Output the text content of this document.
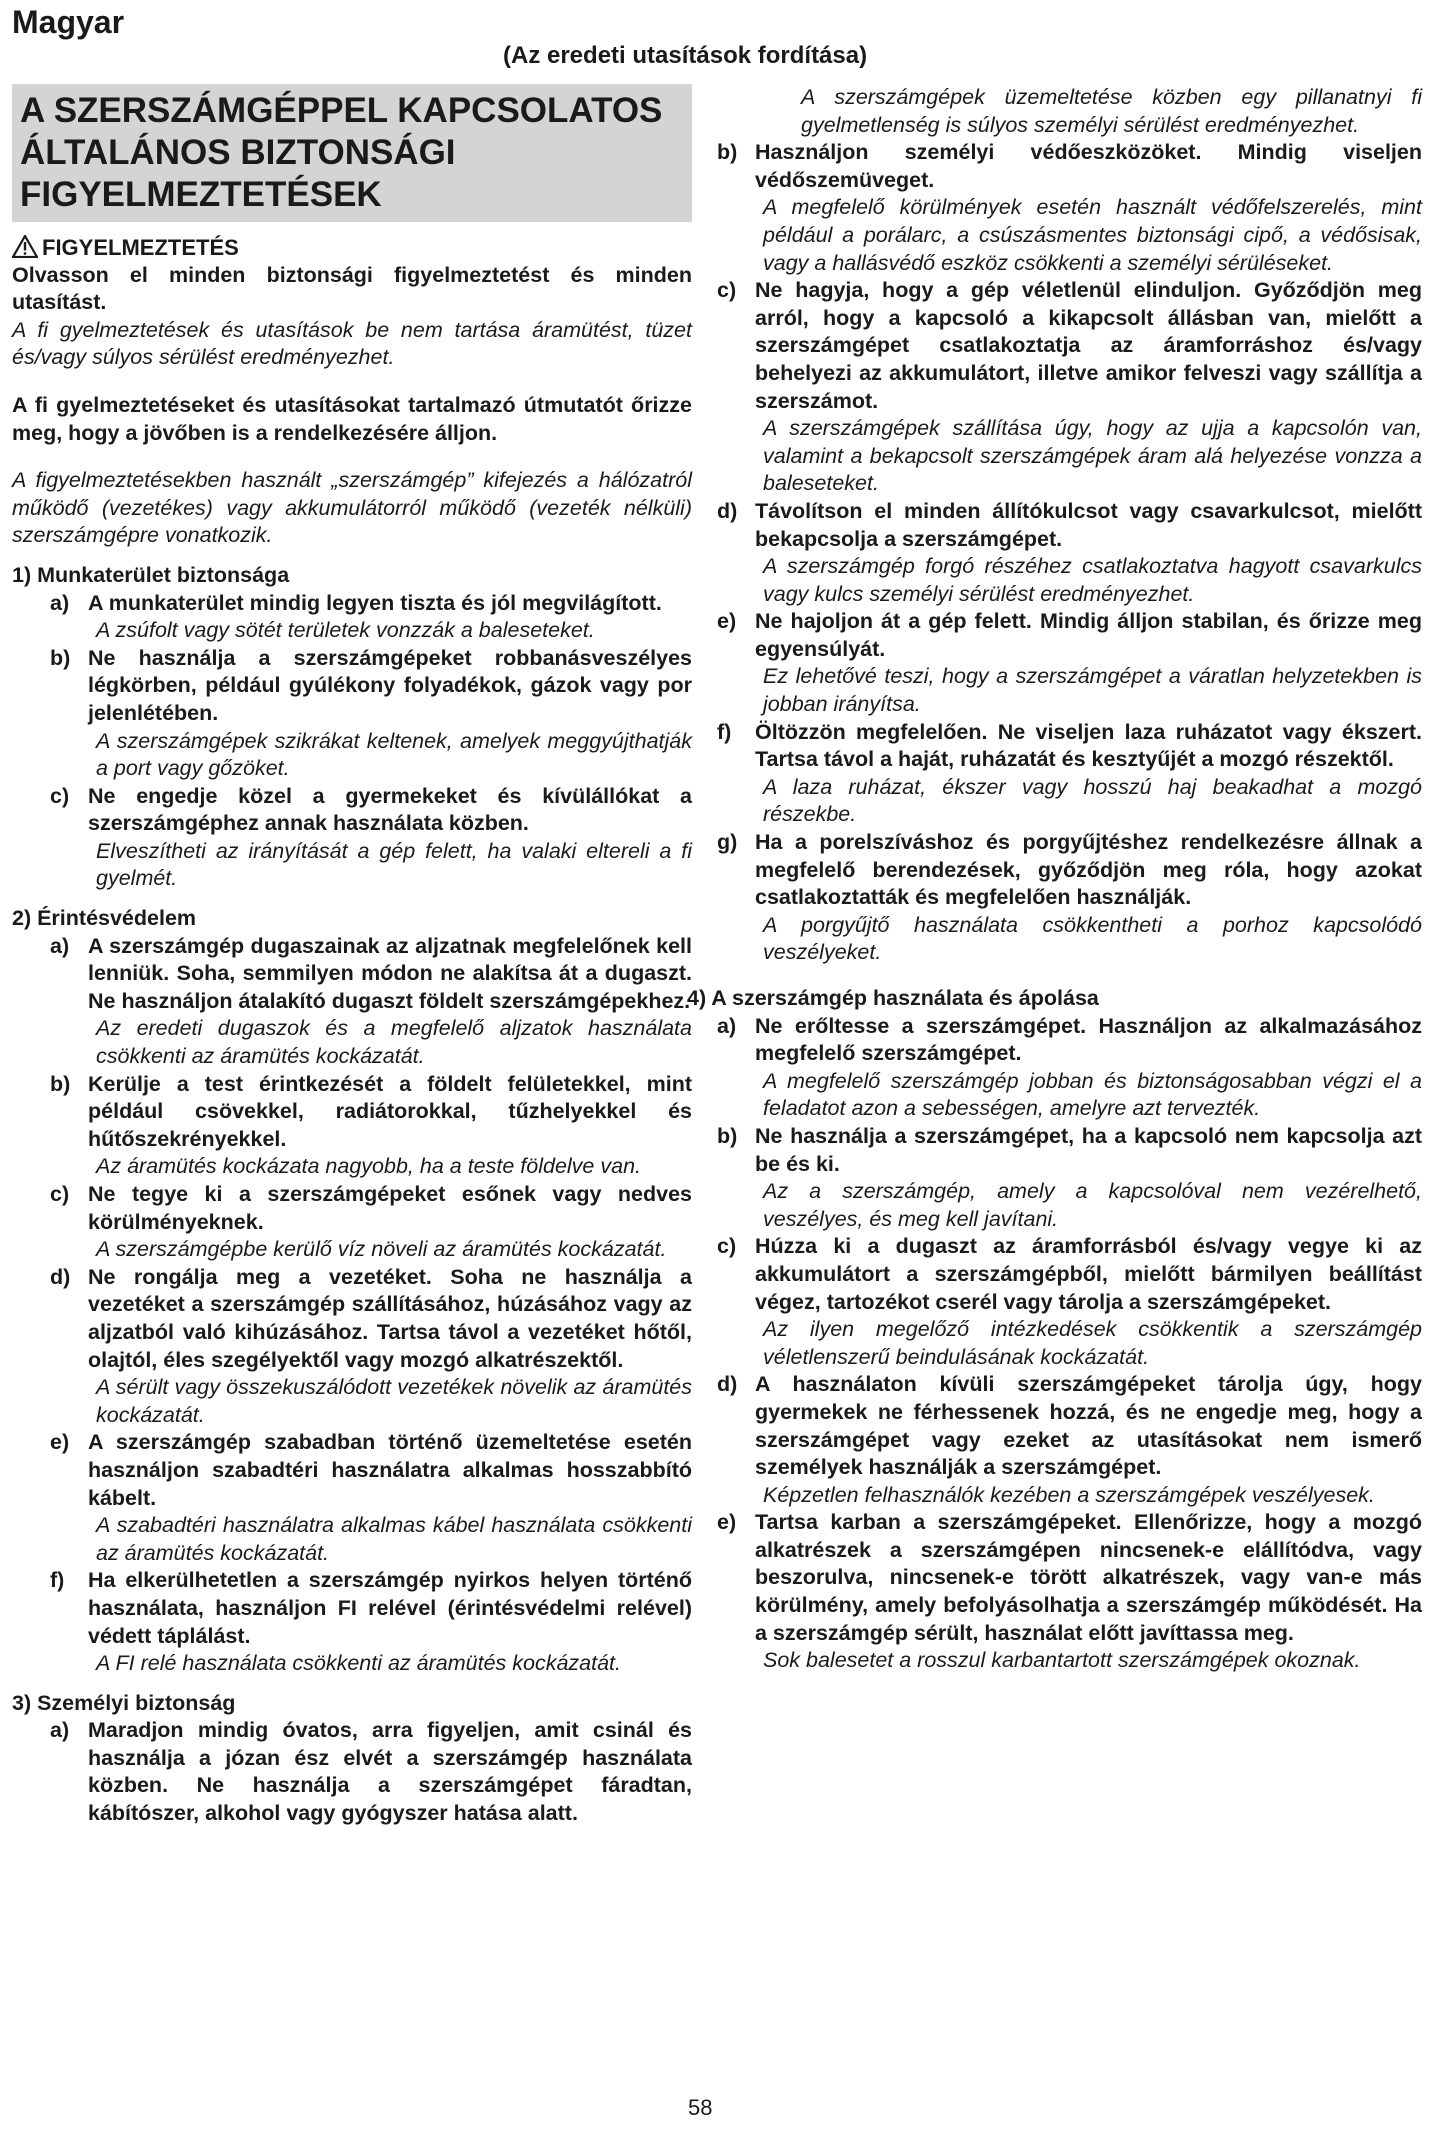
Magyar
(Az eredeti utasítások fordítása)
A SZERSZÁMGÉPPEL KAPCSOLATOS ÁLTALÁNOS BIZTONSÁGI FIGYELMEZTETÉSEK
FIGYELMEZTETÉS

Olvasson el minden biztonsági figyelmeztetést és minden utasítást.

A fi gyelmeztetések és utasítások be nem tartása áramütést, tüzet és/vagy súlyos sérülést eredményezhet.

A fi gyelmeztetéseket és utasításokat tartalmazó útmutatót őrizze meg, hogy a jövőben is a rendelkezésére álljon.

A figyelmeztetésekben használt „szerszámgép” kifejezés a hálózatról működő (vezetékes) vagy akkumulátorról működő (vezeték nélküli) szerszámgépre vonatkozik.

1) Munkaterület biztonsága
a) A munkaterület mindig legyen tiszta és jól megvilágított.

A zsúfolt vagy sötét területek vonzzák a baleseteket.

b) Ne használja a szerszámgépeket robbanásveszélyes légkörben, például gyúlékony folyadékok, gázok vagy por jelenlétében.

A szerszámgépek szikrákat keltenek, amelyek meggyújthatják a port vagy gőzöket.

c) Ne engedje közel a gyermekeket és kívülállókat a szerszámgéphez annak használata közben.

Elveszítheti az irányítását a gép felett, ha valaki eltereli a fi gyelmét.

2) Érintésvédelem
a) A szerszámgép dugaszainak az aljzatnak megfelelőnek kell lenniük. Soha, semmilyen módon ne alakítsa át a dugaszt. Ne használjon átalakító dugaszt földelt szerszámgépekhez.

Az eredeti dugaszok és a megfelelő aljzatok használata csökkenti az áramütés kockázatát.

b) Kerülje a test érintkezését a földelt felületekkel, mint például csövekkel, radiátorokkal, tűzhelyekkel és hűtőszekrényekkel.

Az áramütés kockázata nagyobb, ha a teste földelve van.

c) Ne tegye ki a szerszámgépeket esőnek vagy nedves körülményeknek.

A szerszámgépbe kerülő víz növeli az áramütés kockázatát.

d) Ne rongálja meg a vezetéket. Soha ne használja a vezetéket a szerszámgép szállításához, húzásához vagy az aljzatból való kihúzásához. Tartsa távol a vezetéket hőtől, olajtól, éles szegélyektől vagy mozgó alkatrészektől.

A sérült vagy összekuszálódott vezetékek növelik az áramütés kockázatát.

e) A szerszámgép szabadban történő üzemeltetése esetén használjon szabadtéri használatra alkalmas hosszabbító kábelt.

A szabadtéri használatra alkalmas kábel használata csökkenti az áramütés kockázatát.

f)	Ha elkerülhetetlen a szerszámgép nyirkos helyen történő használata, használjon FI relével (érintésvédelmi relével) védett táplálást.

A FI relé használata csökkenti az áramütés kockázatát.

3) Személyi biztonság
a) Maradjon mindig óvatos, arra figyeljen, amit csinál és használja a józan ész elvét a szerszámgép használata közben. Ne használja a szerszámgépet fáradtan, kábítószer, alkohol vagy gyógyszer hatása alatt.

A szerszámgépek üzemeltetése közben egy pillanatnyi fi gyelmetlenség is súlyos személyi sérülést eredményezhet.

b) Használjon személyi védőeszközöket. Mindig viseljen védőszemüveget.

A megfelelő körülmények esetén használt védőfelszerelés, mint például a porálarc, a csúszásmentes biztonsági cipő, a védősisak, vagy a hallásvédő eszköz csökkenti a személyi sérüléseket.

c) Ne hagyja, hogy a gép véletlenül elinduljon. Győződjön meg arról, hogy a kapcsoló a kikapcsolt állásban van, mielőtt a szerszámgépet csatlakoztatja az áramforráshoz és/vagy behelyezi az akkumulátort, illetve amikor felveszi vagy szállítja a szerszámot.

A szerszámgépek szállítása úgy, hogy az ujja a kapcsolón van, valamint a bekapcsolt szerszámgépek áram alá helyezése vonzza a baleseteket.

d) Távolítson el minden állítókulcsot vagy csavarkulcsot, mielőtt bekapcsolja a szerszámgépet.

A szerszámgép forgó részéhez csatlakoztatva hagyott csavarkulcs vagy kulcs személyi sérülést eredményezhet.

e) Ne hajoljon át a gép felett. Mindig álljon stabilan, és őrizze meg egyensúlyát.

Ez lehetővé teszi, hogy a szerszámgépet a váratlan helyzetekben is jobban irányítsa.

f)	Öltözzön megfelelően. Ne viseljen laza ruházatot vagy ékszert. Tartsa távol a haját, ruházatát és kesztyűjét a mozgó részektől.

A laza ruházat, ékszer vagy hosszú haj beakadhat a mozgó részekbe.

g) Ha a porelszíváshoz és porgyűjtéshez rendelkezésre állnak a megfelelő berendezések, győződjön meg róla, hogy azokat csatlakoztatták és megfelelően használják.

A porgyűjtő használata csökkentheti a porhoz kapcsolódó veszélyeket.

4) A szerszámgép használata és ápolása
a) Ne erőltesse a szerszámgépet. Használjon az alkalmazásához megfelelő szerszámgépet.

A megfelelő szerszámgép jobban és biztonságosabban végzi el a feladatot azon a sebességen, amelyre azt tervezték.

b) Ne használja a szerszámgépet, ha a kapcsoló nem kapcsolja azt be és ki.

Az a szerszámgép, amely a kapcsolóval nem vezérelhető, veszélyes, és meg kell javítani.

c) Húzza ki a dugaszt az áramforrásból és/vagy vegye ki az akkumulátort a szerszámgépből, mielőtt bármilyen beállítást végez, tartozékot cserél vagy tárolja a szerszámgépeket.

Az ilyen megelőző intézkedések csökkentik a szerszámgép véletlenszerű beindulásának kockázatát.

d) A használaton kívüli szerszámgépeket tárolja úgy, hogy gyermekek ne férhessenek hozzá, és ne engedje meg, hogy a szerszámgépet vagy ezeket az utasításokat nem ismerő személyek használják a szerszámgépet.

Képzetlen felhasználók kezében a szerszámgépek veszélyesek.

e) Tartsa karban a szerszámgépeket. Ellenőrizze, hogy a mozgó alkatrészek a szerszámgépen nincsenek-e elállítódva, vagy beszorulva, nincsenek-e törött alkatrészek, vagy van-e más körülmény, amely befolyásolhatja a szerszámgép működését. Ha a szerszámgép sérült, használat előtt javíttassa meg.

Sok balesetet a rosszul karbantartott szerszámgépek okoznak.

58
